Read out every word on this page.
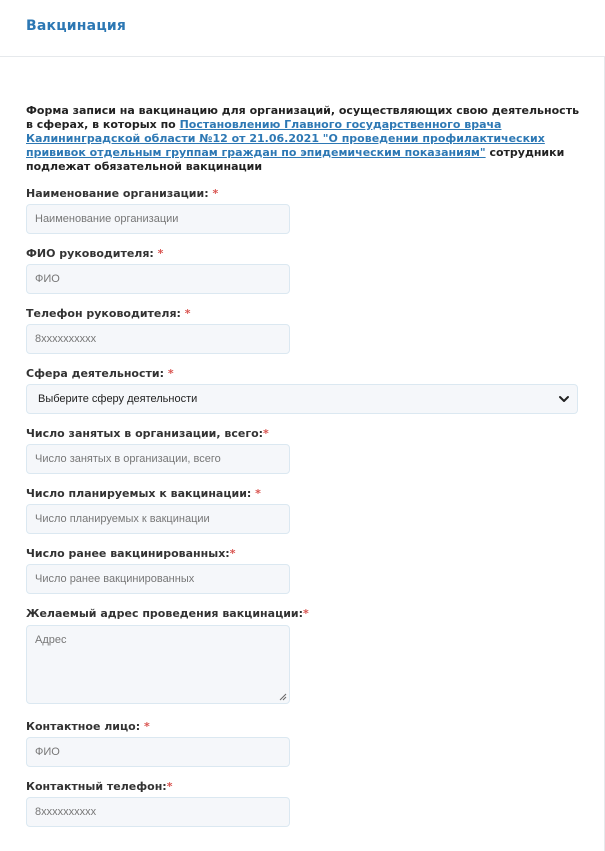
Вакцинация
Форма записи на вакцинацию для организаций, осуществляющих свою деятельность в сферах, в которых по Постановлению Главного государственного врача Калининградской области №12 от 21.06.2021 "О проведении профилактических прививок отдельным группам граждан по эпидемическим показаниям" сотрудники подлежат обязательной вакцинации
Наименование организации: *
Наименование организации
ФИО руководителя: *
ФИО
Телефон руководителя: *
8xxxxxxxxxx
Сфера деятельности: *
Выберите сферу деятельности
Число занятых в организации, всего:*
Число занятых в организации, всего
Число планируемых к вакцинации: *
Число планируемых к вакцинации
Число ранее вакцинированных:*
Число ранее вакцинированных
Желаемый адрес проведения вакцинации:*
Адрес
Контактное лицо: *
ФИО
Контактный телефон:*
8xxxxxxxxxx
